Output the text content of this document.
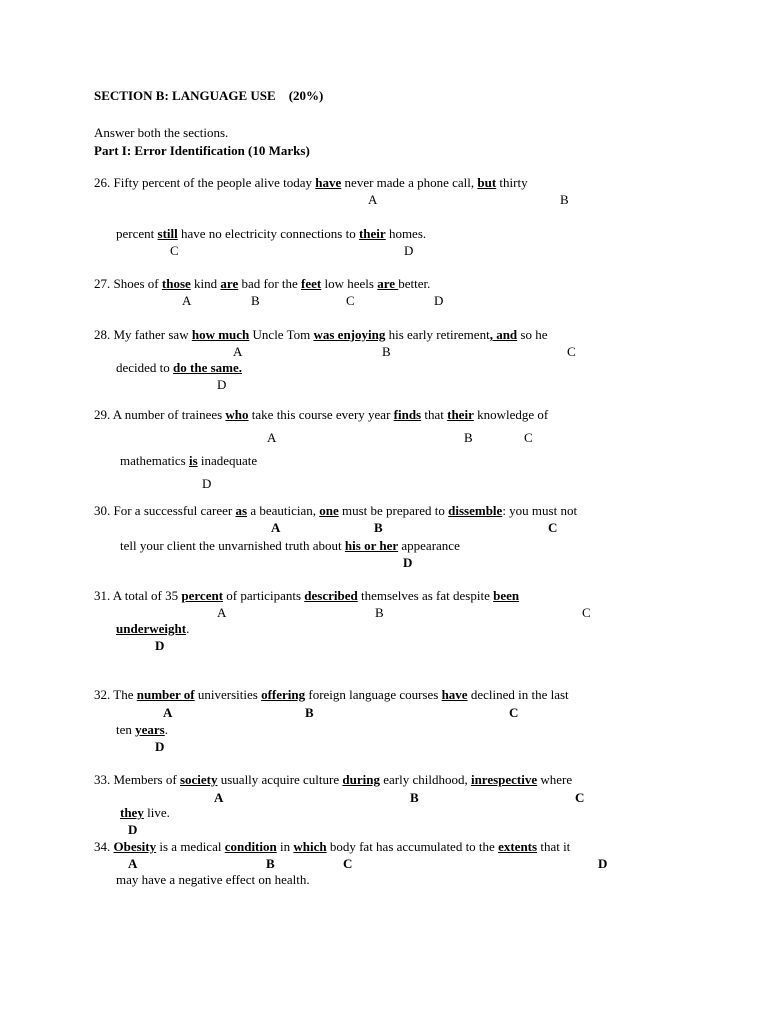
SECTION B: LANGUAGE USE (20%)
Answer both the sections.
Part I: Error Identification (10 Marks)
26. Fifty percent of the people alive today have never made a phone call, but thirty
A	B
percent still have no electricity connections to their homes.
C	D
27. Shoes of those kind are bad for the feet low heels are better.
A	B	C	D
28. My father saw how much Uncle Tom was enjoying his early retirement, and so he
A	B	C
decided to do the same.
D
29. A number of trainees who take this course every year finds that their knowledge of
A	B	C
mathematics is inadequate
D
30. For a successful career as a beautician, one must be prepared to dissemble: you must not
A	B	C
tell your client the unvarnished truth about his or her appearance
D
31. A total of 35 percent of participants described themselves as fat despite been
A	B	C
underweight.
D
32. The number of universities offering foreign language courses have declined in the last
A	B	C
ten years.
D
33. Members of society usually acquire culture during early childhood, inrespective where
A	B	C
they live.
D
34. Obesity is a medical condition in which body fat has accumulated to the extents that it
A	B	C	D
may have a negative effect on health.
